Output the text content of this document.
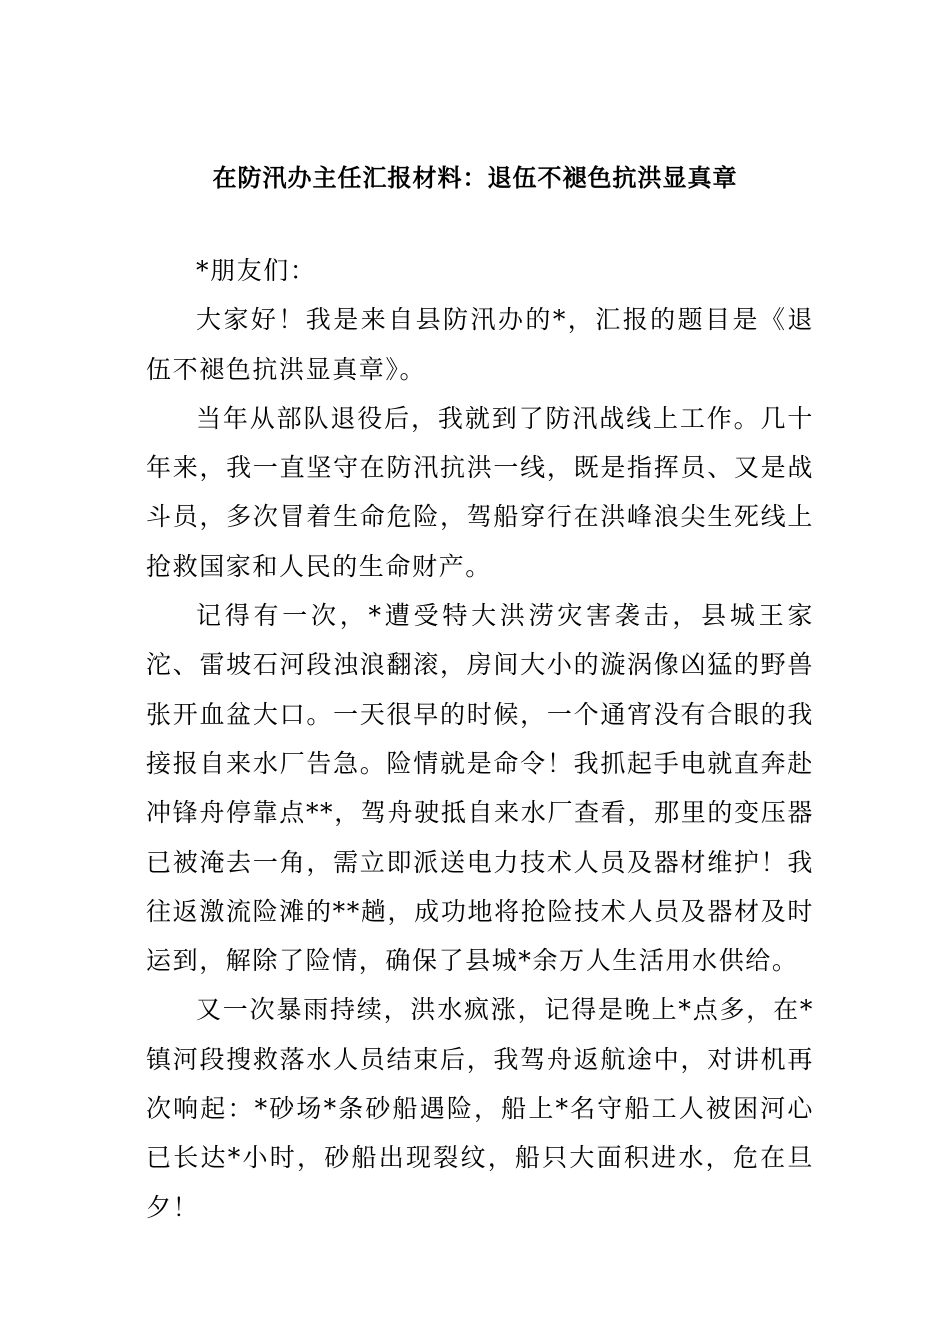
在防汛办主任汇报材料：退伍不褪色抗洪显真章

*朋友们：

大家好！我是来自县防汛办的*，汇报的题目是《退伍不褪色抗洪显真章》。

当年从部队退役后，我就到了防汛战线上工作。几十年来，我一直坚守在防汛抗洪一线，既是指挥员、又是战斗员，多次冒着生命危险，驾船穿行在洪峰浪尖生死线上抢救国家和人民的生命财产。

记得有一次，*遭受特大洪涝灾害袭击，县城王家沱、雷坡石河段浊浪翻滚，房间大小的漩涡像凶猛的野兽张开血盆大口。一天很早的时候，一个通宵没有合眼的我接报自来水厂告急。险情就是命令！我抓起手电就直奔赴冲锋舟停靠点**，驾舟驶抵自来水厂查看，那里的变压器已被淹去一角，需立即派送电力技术人员及器材维护！我往返激流险滩的**趟，成功地将抢险技术人员及器材及时运到，解除了险情，确保了县城*余万人生活用水供给。

又一次暴雨持续，洪水疯涨，记得是晚上*点多，在*镇河段搜救落水人员结束后，我驾舟返航途中，对讲机再次响起：*砂场*条砂船遇险，船上*名守船工人被困河心已长达*小时，砂船出现裂纹，船只大面积进水，危在旦夕！
